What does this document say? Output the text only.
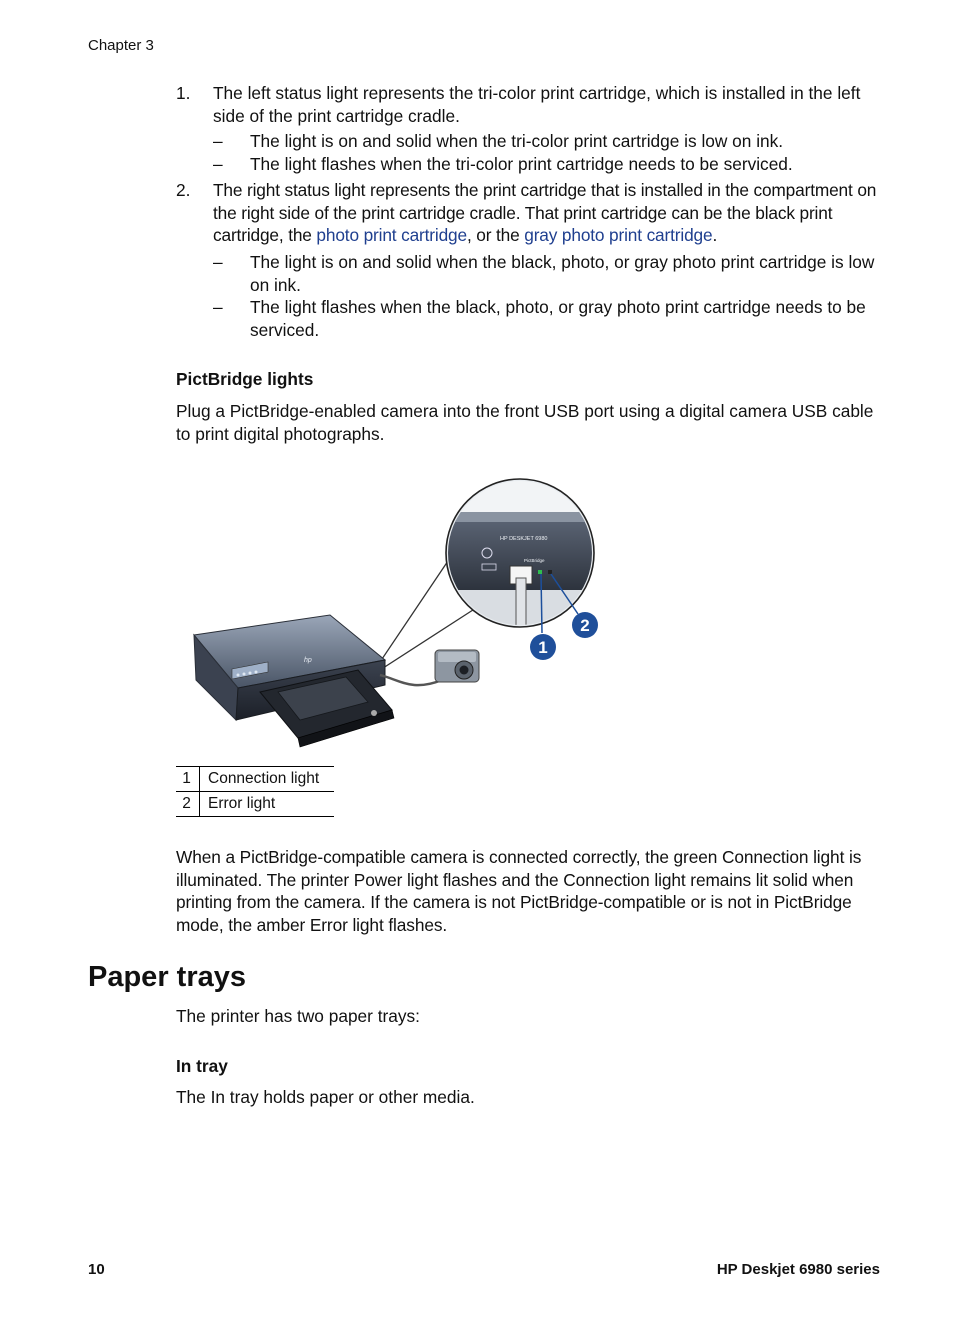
Chapter 3
1. The left status light represents the tri-color print cartridge, which is installed in the left side of the print cartridge cradle.
– The light is on and solid when the tri-color print cartridge is low on ink.
– The light flashes when the tri-color print cartridge needs to be serviced.
2. The right status light represents the print cartridge that is installed in the compartment on the right side of the print cartridge cradle. That print cartridge can be the black print cartridge, the photo print cartridge, or the gray photo print cartridge.
– The light is on and solid when the black, photo, or gray photo print cartridge is low on ink.
– The light flashes when the black, photo, or gray photo print cartridge needs to be serviced.
PictBridge lights
Plug a PictBridge-enabled camera into the front USB port using a digital camera USB cable to print digital photographs.
hp
HP DESKJET 6980
PictBridge
1
2
1	Connection light
2	Error light
When a PictBridge-compatible camera is connected correctly, the green Connection light is illuminated. The printer Power light flashes and the Connection light remains lit solid when printing from the camera. If the camera is not PictBridge-compatible or is not in PictBridge mode, the amber Error light flashes.
Paper trays
The printer has two paper trays:
In tray
The In tray holds paper or other media.
10	HP Deskjet 6980 series
